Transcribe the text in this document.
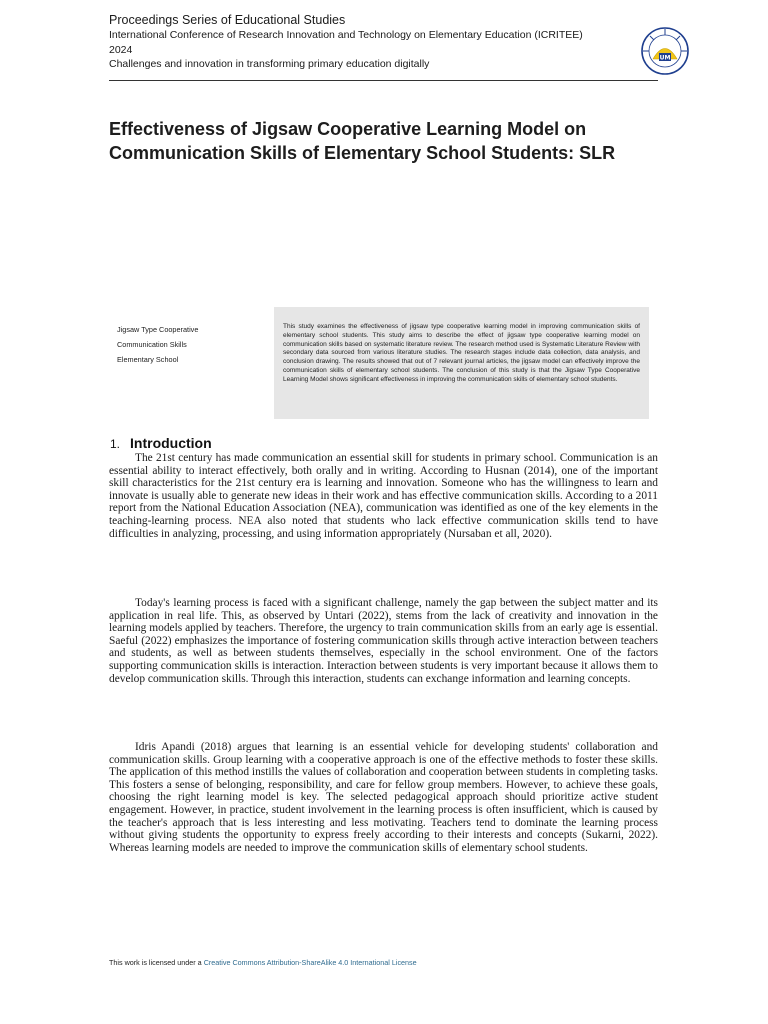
Proceedings Series of Educational Studies
International Conference of Research Innovation and Technology on Elementary Education (ICRITEE)
2024
Challenges and innovation in transforming primary education digitally
UM
Effectiveness of Jigsaw Cooperative Learning Model on Communication Skills of Elementary School Students: SLR
Jigsaw Type Cooperative
Communication Skills
Elementary School
This study examines the effectiveness of jigsaw type cooperative learning model in improving communication skills of elementary school students. This study aims to describe the effect of jigsaw type cooperative learning model on communication skills based on systematic literature review. The research method used is Systematic Literature Review with secondary data sourced from various literature studies. The research stages include data collection, data analysis, and conclusion drawing. The results showed that out of 7 relevant journal articles, the jigsaw model can effectively improve the communication skills of elementary school students. The conclusion of this study is that the Jigsaw Type Cooperative Learning Model shows significant effectiveness in improving the communication skills of elementary school students.
1. Introduction

The 21st century has made communication an essential skill for students in primary school. Communication is an essential ability to interact effectively, both orally and in writing. According to Husnan (2014), one of the important skill characteristics for the 21st century era is learning and innovation. Someone who has the willingness to learn and innovate is usually able to generate new ideas in their work and has effective communication skills. According to a 2011 report from the National Education Association (NEA), communication was identified as one of the key elements in the teaching-learning process. NEA also noted that students who lack effective communication skills tend to have difficulties in analyzing, processing, and using information appropriately (Nursaban et all, 2020).

Today's learning process is faced with a significant challenge, namely the gap between the subject matter and its application in real life. This, as observed by Untari (2022), stems from the lack of creativity and innovation in the learning models applied by teachers. Therefore, the urgency to train communication skills from an early age is essential. Saeful (2022) emphasizes the importance of fostering communication skills through active interaction between teachers and students, as well as between students themselves, especially in the school environment. One of the factors supporting communication skills is interaction. Interaction between students is very important because it allows them to develop communication skills. Through this interaction, students can exchange information and learning concepts.

Idris Apandi (2018) argues that learning is an essential vehicle for developing students' collaboration and communication skills. Group learning with a cooperative approach is one of the effective methods to foster these skills. The application of this method instills the values of collaboration and cooperation between students in completing tasks. This fosters a sense of belonging, responsibility, and care for fellow group members. However, to achieve these goals, choosing the right learning model is key. The selected pedagogical approach should prioritize active student engagement. However, in practice, student involvement in the learning process is often insufficient, which is caused by the teacher's approach that is less interesting and less motivating. Teachers tend to dominate the learning process without giving students the opportunity to express freely according to their interests and concepts (Sukarni, 2022). Whereas learning models are needed to improve the communication skills of elementary school students.

This work is licensed under a Creative Commons Attribution-ShareAlike 4.0 International License
